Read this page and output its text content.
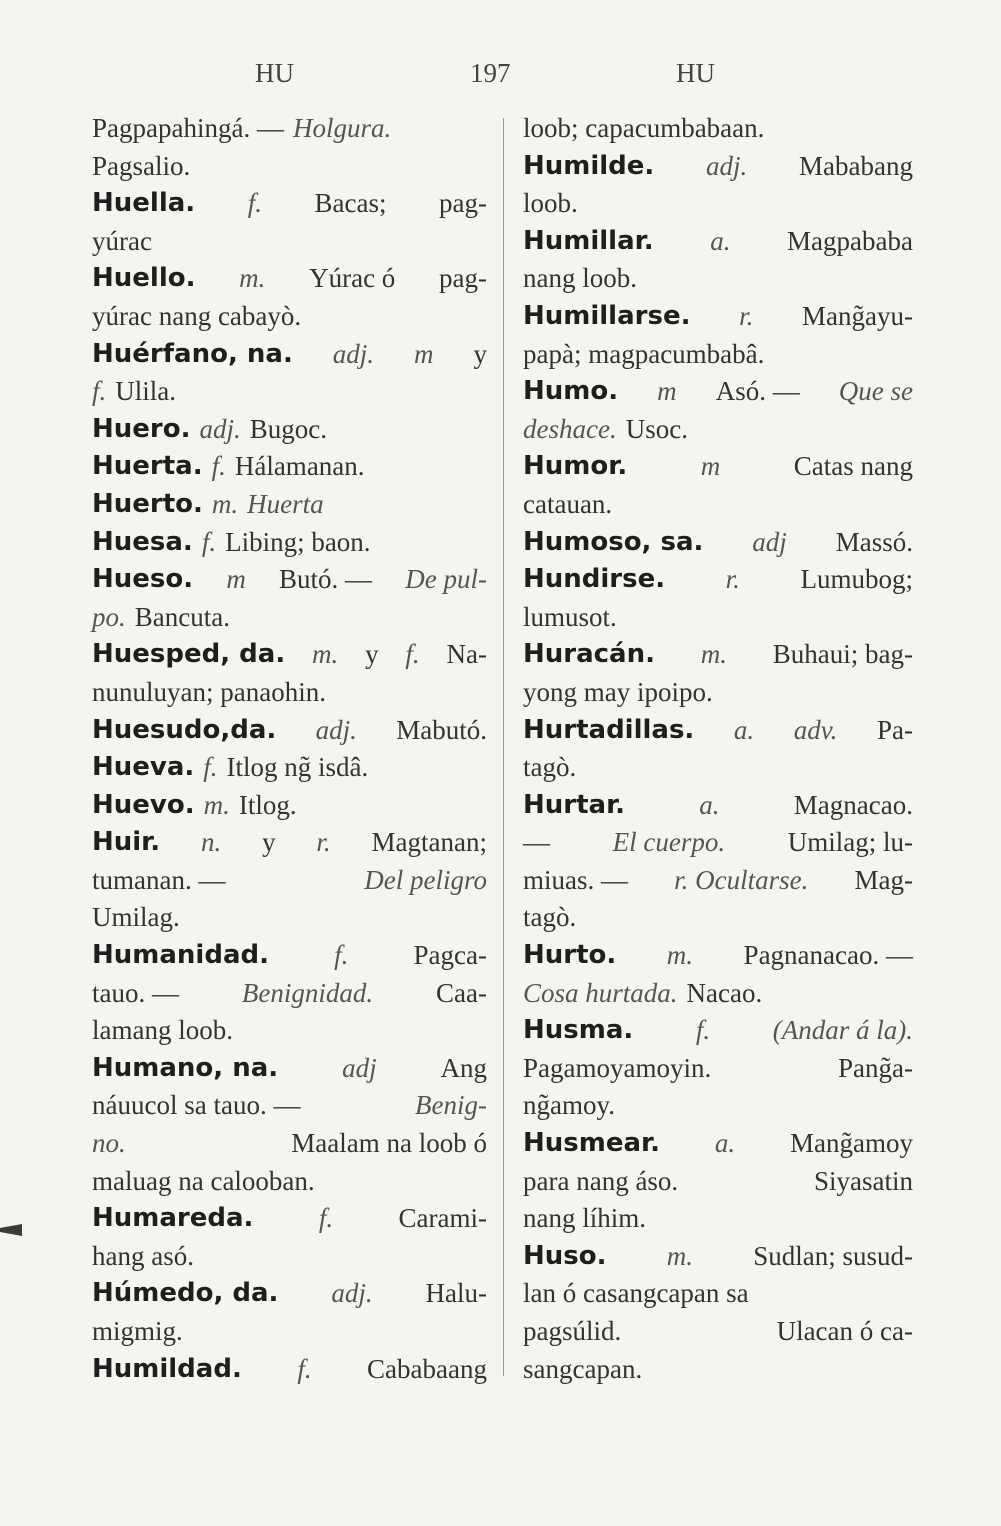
HU	197	HU
Pagpapahingá. — Holgura.
Pagsalio.
Huella. f. Bacas; pag-
yúrac
Huello. m. Yúrac ó pag-
yúrac nang cabayò.
Huérfano, na. adj. m y
f. Ulila.
Huero. adj. Bugoc.
Huerta. f. Hálamanan.
Huerto. m. Huerta
Huesa. f. Libing; baon.
Hueso. m Butó. — De pul-
po. Bancuta.
Huesped, da. m. y f. Na-
nunuluyan; panaohin.
Huesudo,da. adj. Mabutó.
Hueva. f. Itlog ng̃ isdâ.
Huevo. m. Itlog.
Huir. n. y r. Magtanan;
tumanan. —	Del peligro
Umilag.
Humanidad. f. Pagca-
tauo. — Benignidad. Caa-
lamang loob.
Humano, na. adj Ang
náuucol sa tauo. —	Benig-
no.	Maalam na loob ó
maluag na calooban.
Humareda. f. Carami-
hang asó.
Húmedo, da. adj. Halu-
migmig.
Humildad. f. Cababaang
loob; capacumbabaan.
Humilde. adj. Mababang
loob.
Humillar. a. Magpababa
nang loob.
Humillarse. r. Mang̃ayu-
papà; magpacumbabâ.
Humo. m Asó. — Que se
deshace. Usoc.
Humor.	m	Catas nang
catauan.
Humoso, sa. adj Massó.
Hundirse. r. Lumubog;
lumusot.
Huracán. m. Buhaui; bag-
yong may ipoipo.
Hurtadillas. a. adv. Pa-
tagò.
Hurtar.	a.	Magnacao.
— El cuerpo. Umilag; lu-
miuas. — r. Ocultarse. Mag-
tagò.
Hurto. m. Pagnanacao. —
Cosa hurtada. Nacao.
Husma. f. (Andar á la).
Pagamoyamoyin.	Pang̃a-
ng̃amoy.
Husmear. a. Mang̃amoy
para nang áso.	Siyasatin
nang líhim.
Huso. m. Sudlan; susud-
lan ó casangcapan sa
pagsúlid.	Ulacan ó ca-
sangcapan.
